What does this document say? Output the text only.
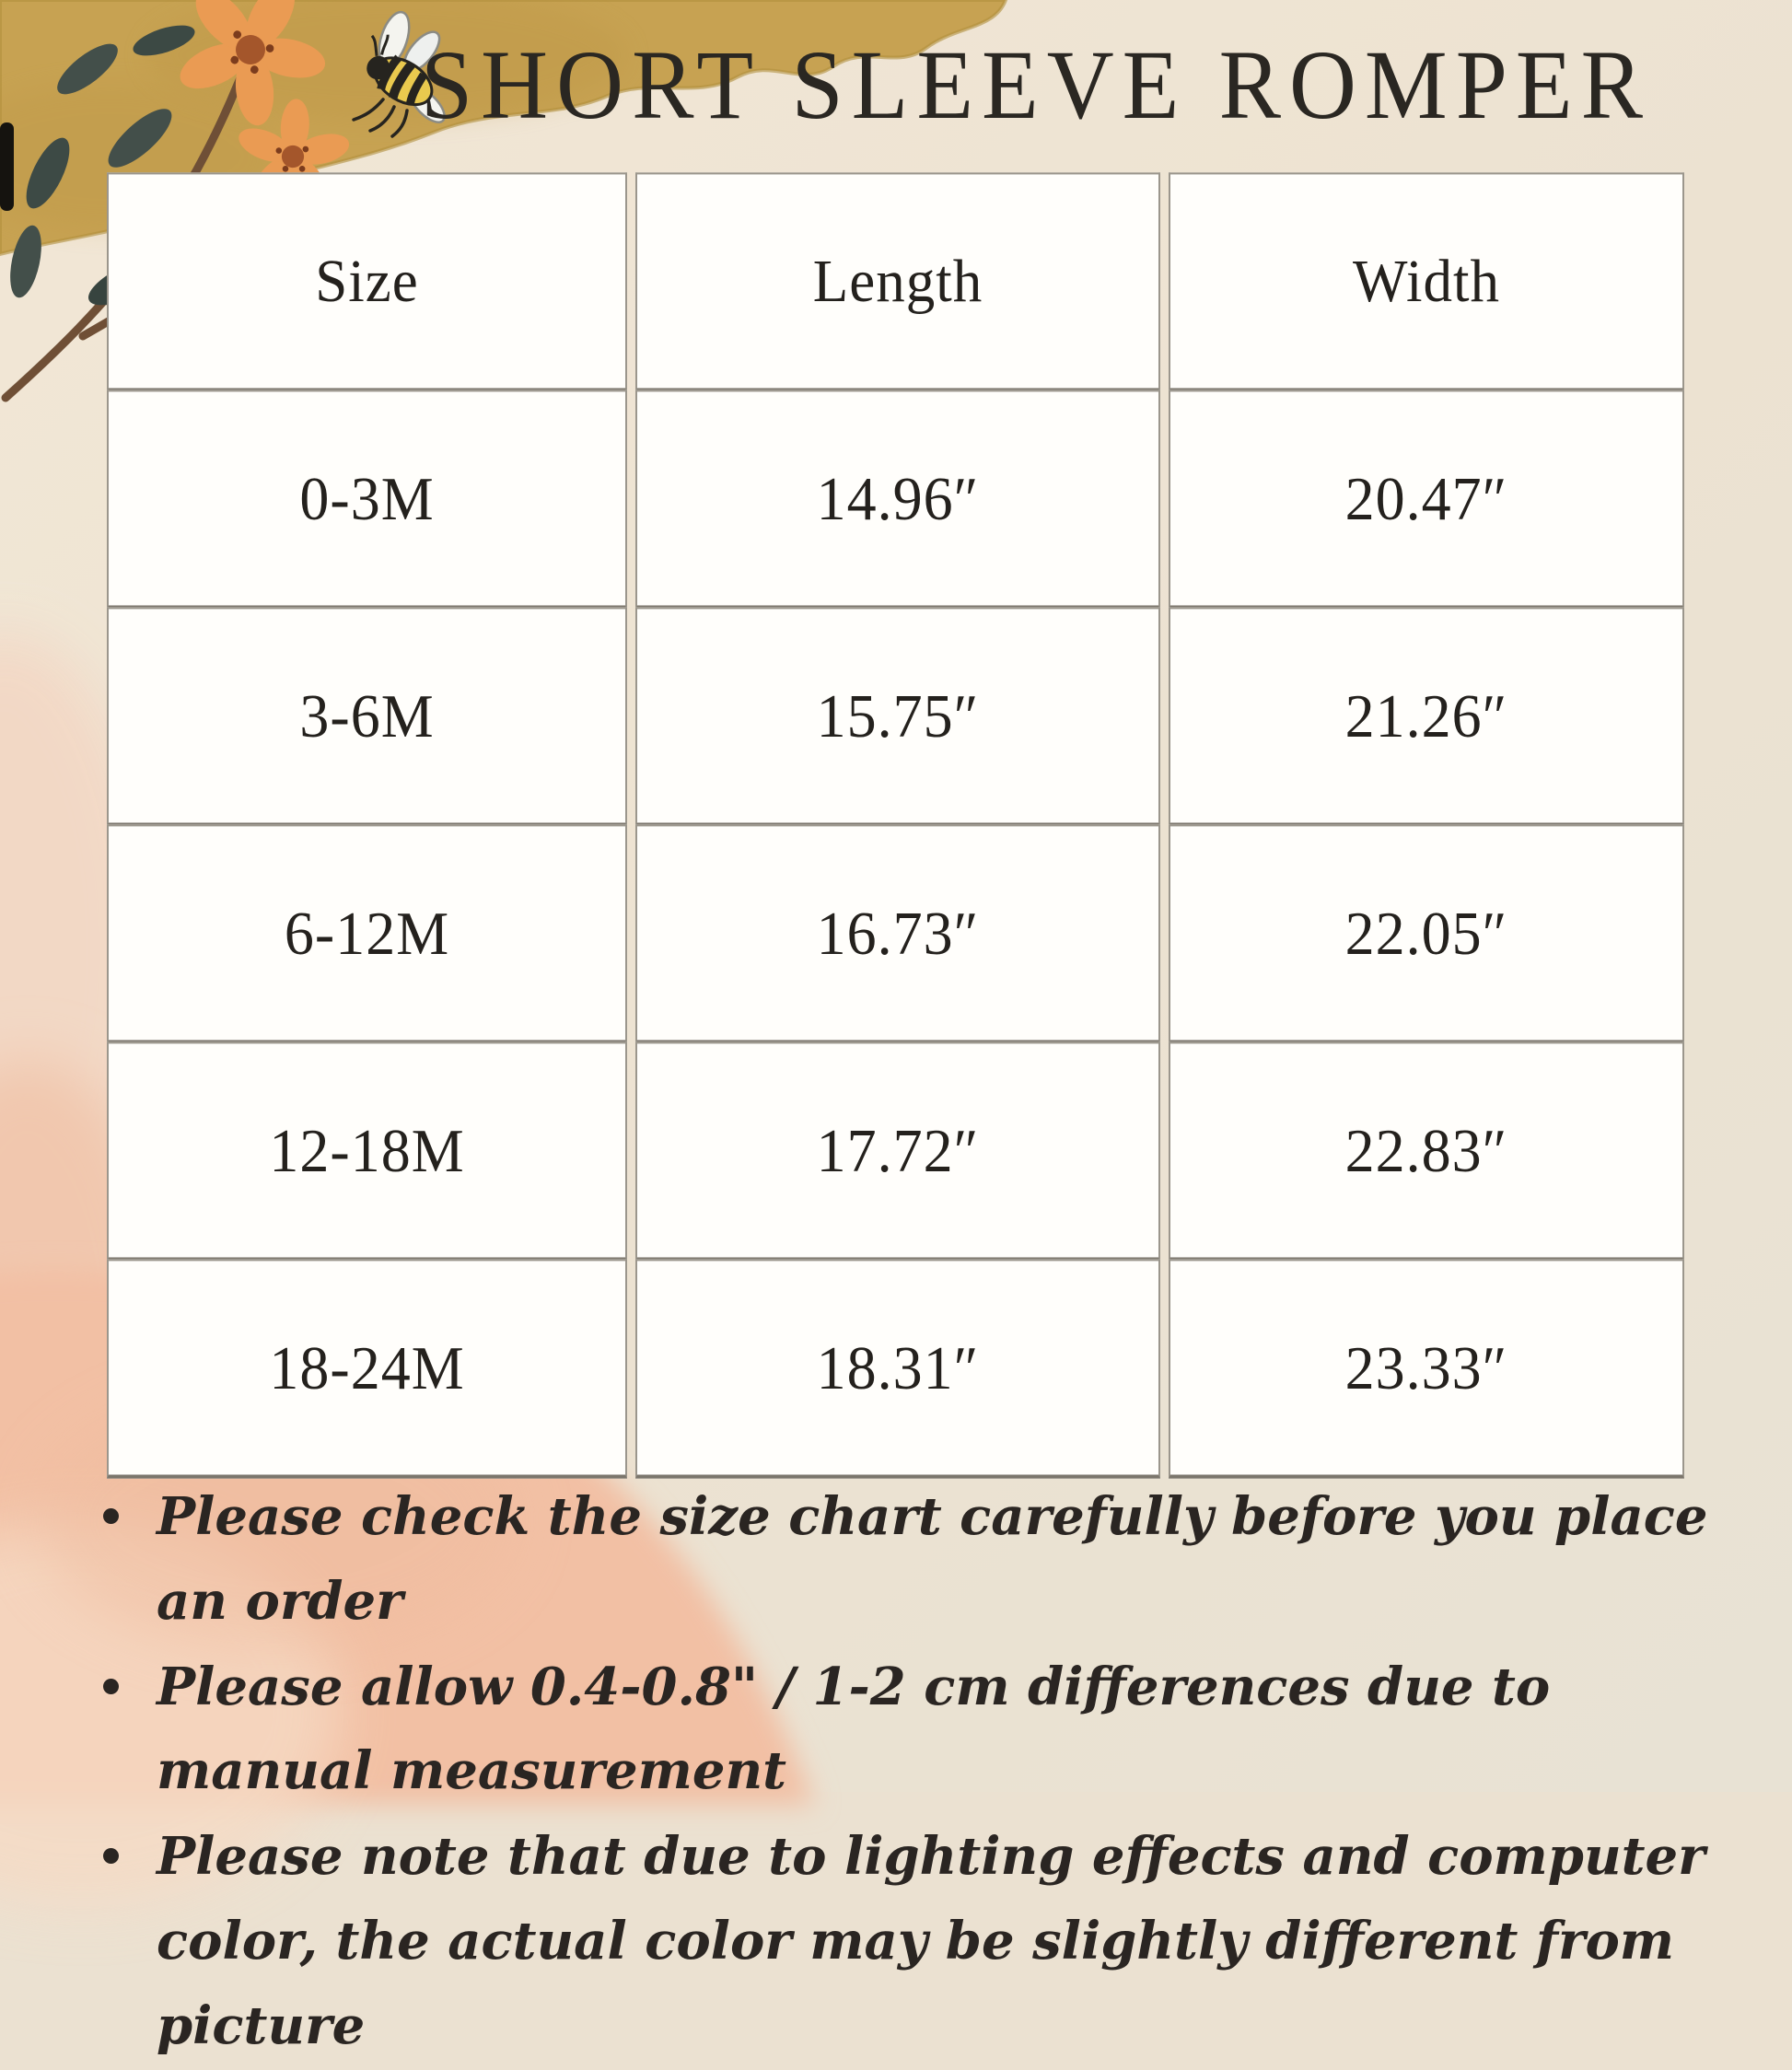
SHORT SLEEVE ROMPER
Size	Length	Width
0-3M	14.96″	20.47″
3-6M	15.75″	21.26″
6-12M	16.73″	22.05″
12-18M	17.72″	22.83″
18-24M	18.31″	23.33″
Please check the size chart carefully before you place an order
Please allow 0.4-0.8" / 1-2 cm differences due to manual measurement
Please note that due to lighting effects and computer color, the actual color may be slightly different from picture
